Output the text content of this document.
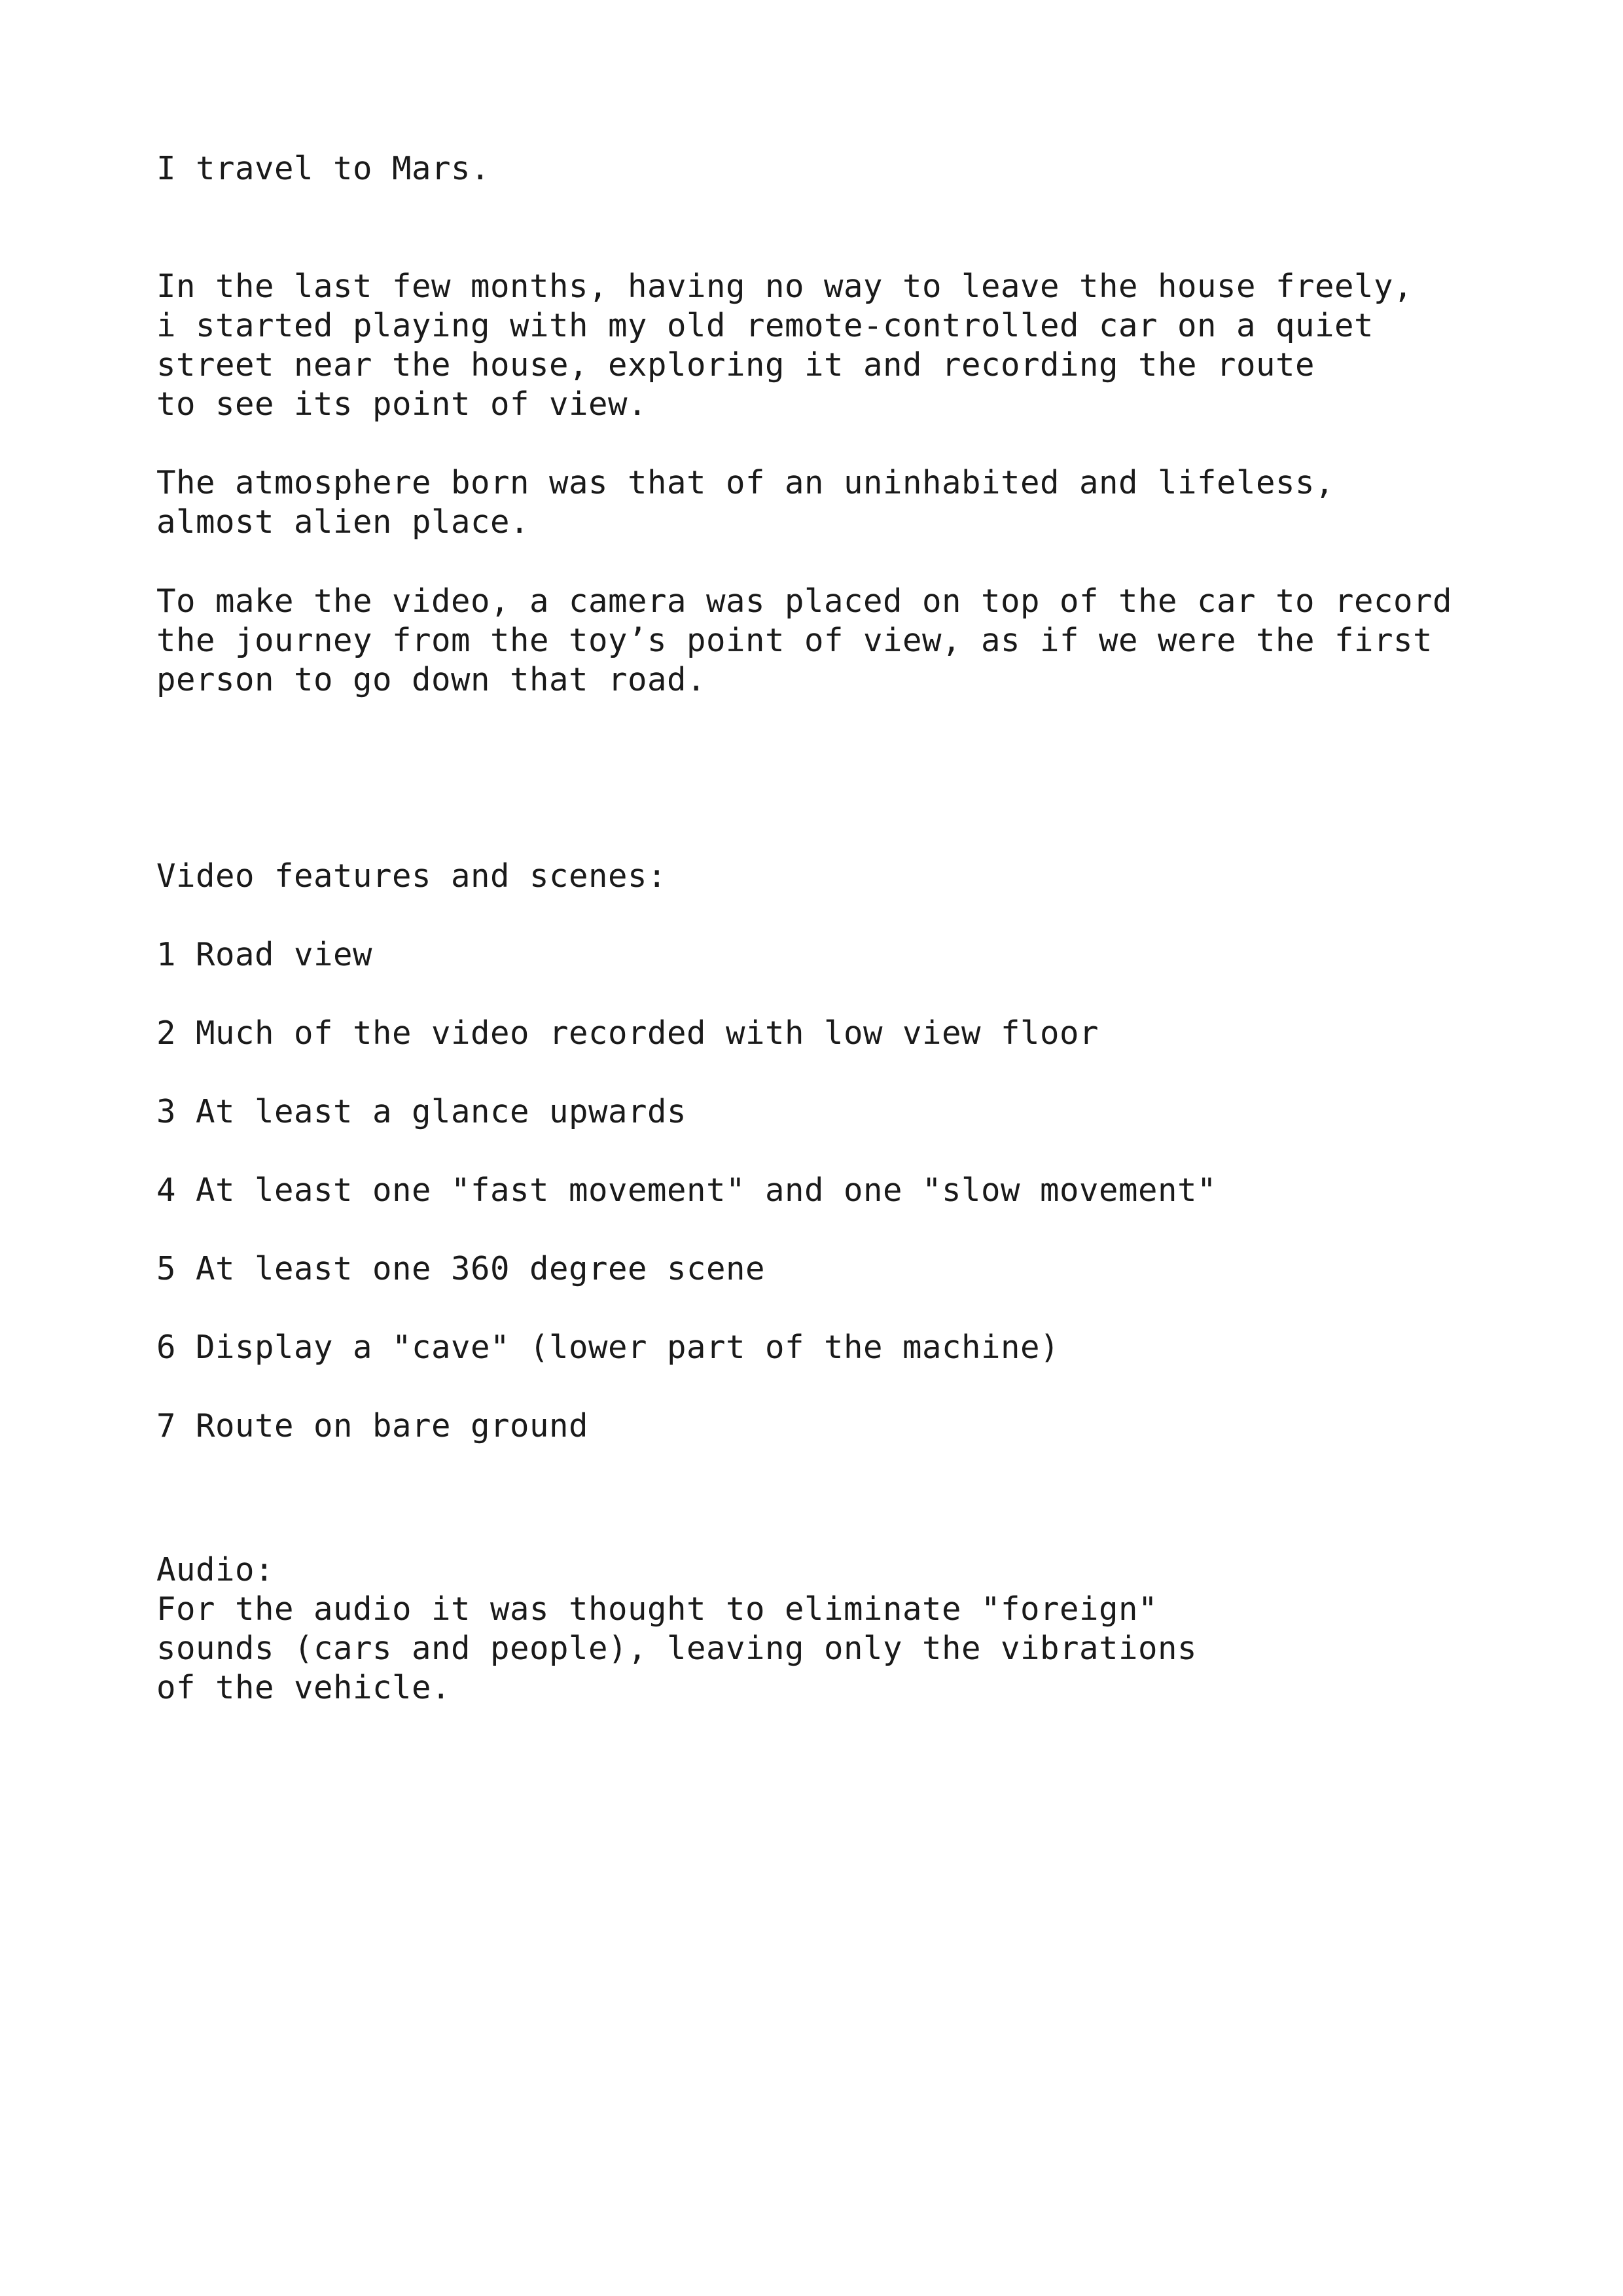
I travel to Mars.
In the last few months, having no way to leave the house freely,
i started playing with my old remote-controlled car on a quiet
street near the house, exploring it and recording the route
to see its point of view.
The atmosphere born was that of an uninhabited and lifeless,
almost alien place.
To make the video, a camera was placed on top of the car to record
the journey from the toy’s point of view, as if we were the first
person to go down that road.
Video features and scenes:
1 Road view
2 Much of the video recorded with low view floor
3 At least a glance upwards
4 At least one "fast movement" and one "slow movement"
5 At least one 360 degree scene
6 Display a "cave" (lower part of the machine)
7 Route on bare ground
Audio:
For the audio it was thought to eliminate "foreign"
sounds (cars and people), leaving only the vibrations
of the vehicle.
